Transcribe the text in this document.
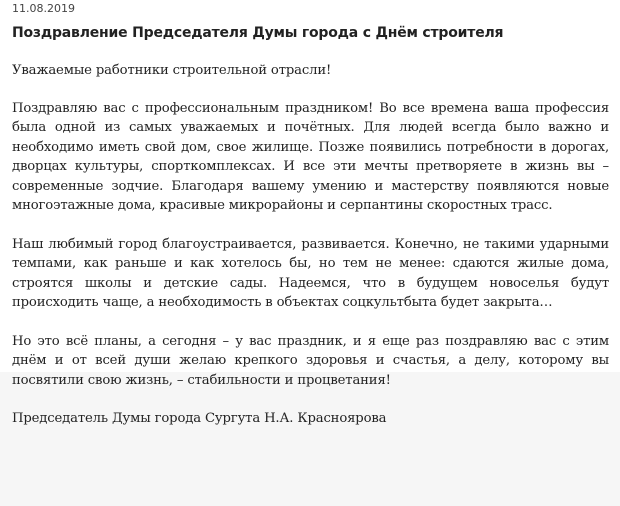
11.08.2019
Поздравление Председателя Думы города с Днём строителя

Уважаемые работники строительной отрасли!

Поздравляю вас с профессиональным праздником! Во все времена ваша профессия была одной из самых уважаемых и почётных. Для людей всегда было важно и необходимо иметь свой дом, свое жилище. Позже появились потребности в дорогах, дворцах культуры, спорткомплексах. И все эти мечты претворяете в жизнь вы – современные зодчие. Благодаря вашему умению и мастерству появляются новые многоэтажные дома, красивые микрорайоны и серпантины скоростных трасс.

Наш любимый город благоустраивается, развивается. Конечно, не такими ударными темпами, как раньше и как хотелось бы, но тем не менее: сдаются жилые дома, строятся школы и детские сады. Надеемся, что в будущем новоселья будут происходить чаще, а необходимость в объектах соцкультбыта будет закрыта…

Но это всё планы, а сегодня – у вас праздник, и я еще раз поздравляю вас с этим днём и от всей души желаю крепкого здоровья и счастья, а делу, которому вы посвятили свою жизнь, – стабильности и процветания!

Председатель Думы города Сургута Н.А. Краснояровa
